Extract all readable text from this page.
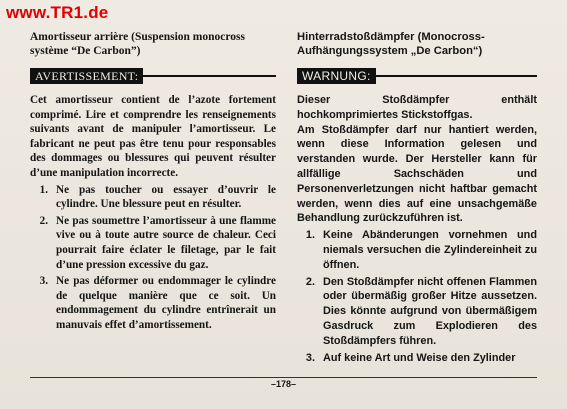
www.TR1.de

Amortisseur arrière (Suspension monocross système “De Carbon”)

AVERTISSEMENT:

Cet amortisseur contient de l’azote fortement comprimé. Lire et comprendre les renseignements suivants avant de manipuler l’amortisseur. Le fabricant ne peut pas être tenu pour responsables des dommages ou blessures qui peuvent résulter d’une manipulation incorrecte.

1. Ne pas toucher ou essayer d’ouvrir le cylindre. Une blessure peut en résulter.
2. Ne pas soumettre l’amortisseur à une flamme vive ou à toute autre source de chaleur. Ceci pourrait faire éclater le filetage, par le fait d’une pression excessive du gaz.
3. Ne pas déformer ou endommager le cylindre de quelque manière que ce soit. Un endommagement du cylindre entrînerait un manuvais effet d’amortissement.

Hinterradstoßdämpfer (Monocross-Aufhängungssystem „De Carbon“)

WARNUNG:

Dieser Stoßdämpfer enthält hochkomprimiertes Stickstoffgas.

Am Stoßdämpfer darf nur hantiert werden, wenn diese Information gelesen und verstanden wurde. Der Hersteller kann für allfällige Sachschäden und Personenverletzungen nicht haftbar gemacht werden, wenn dies auf eine unsachgemäße Behandlung zurückzuführen ist.

1. Keine Abänderungen vornehmen und niemals versuchen die Zylindereinheit zu öffnen.
2. Den Stoßdämpfer nicht offenen Flammen oder übermäßig großer Hitze aussetzen. Dies könnte aufgrund von übermäßigem Gasdruck zum Explodieren des Stoßdämpfers führen.
3. Auf keine Art und Weise den Zylinder
–178–
